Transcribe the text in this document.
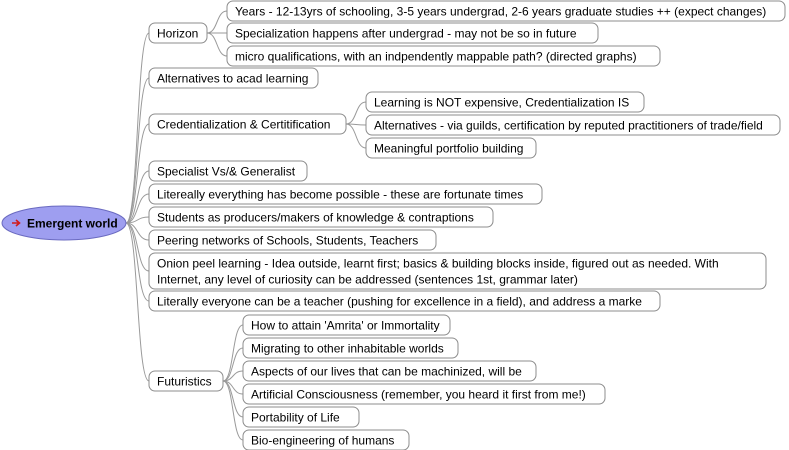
Emergent world
Horizon
Alternatives to acad learning
Credentialization & Certitification
Specialist Vs/& Generalist
Litereally everything has become possible - these are fortunate times
Students as producers/makers of knowledge & contraptions
Peering networks of Schools, Students, Teachers
Onion peel learning - Idea outside, learnt first; basics & building blocks inside, figured out as needed. With
Internet, any level of curiosity can be addressed (sentences 1st, grammar later)
Literally everyone can be a teacher (pushing for excellence in a field), and address a marke
Futuristics
Years - 12-13yrs of schooling, 3-5 years undergrad, 2-6 years graduate studies ++ (expect changes)
Specialization happens after undergrad - may not be so in future
micro qualifications, with an indpendently mappable path? (directed graphs)
Learning is NOT expensive, Credentialization IS
Alternatives - via guilds, certification by reputed practitioners of trade/field
Meaningful portfolio building
How to attain 'Amrita' or Immortality
Migrating to other inhabitable worlds
Aspects of our lives that can be machinized, will be
Artificial Consciousness (remember, you heard it first from me!)
Portability of Life
Bio-engineering of humans
